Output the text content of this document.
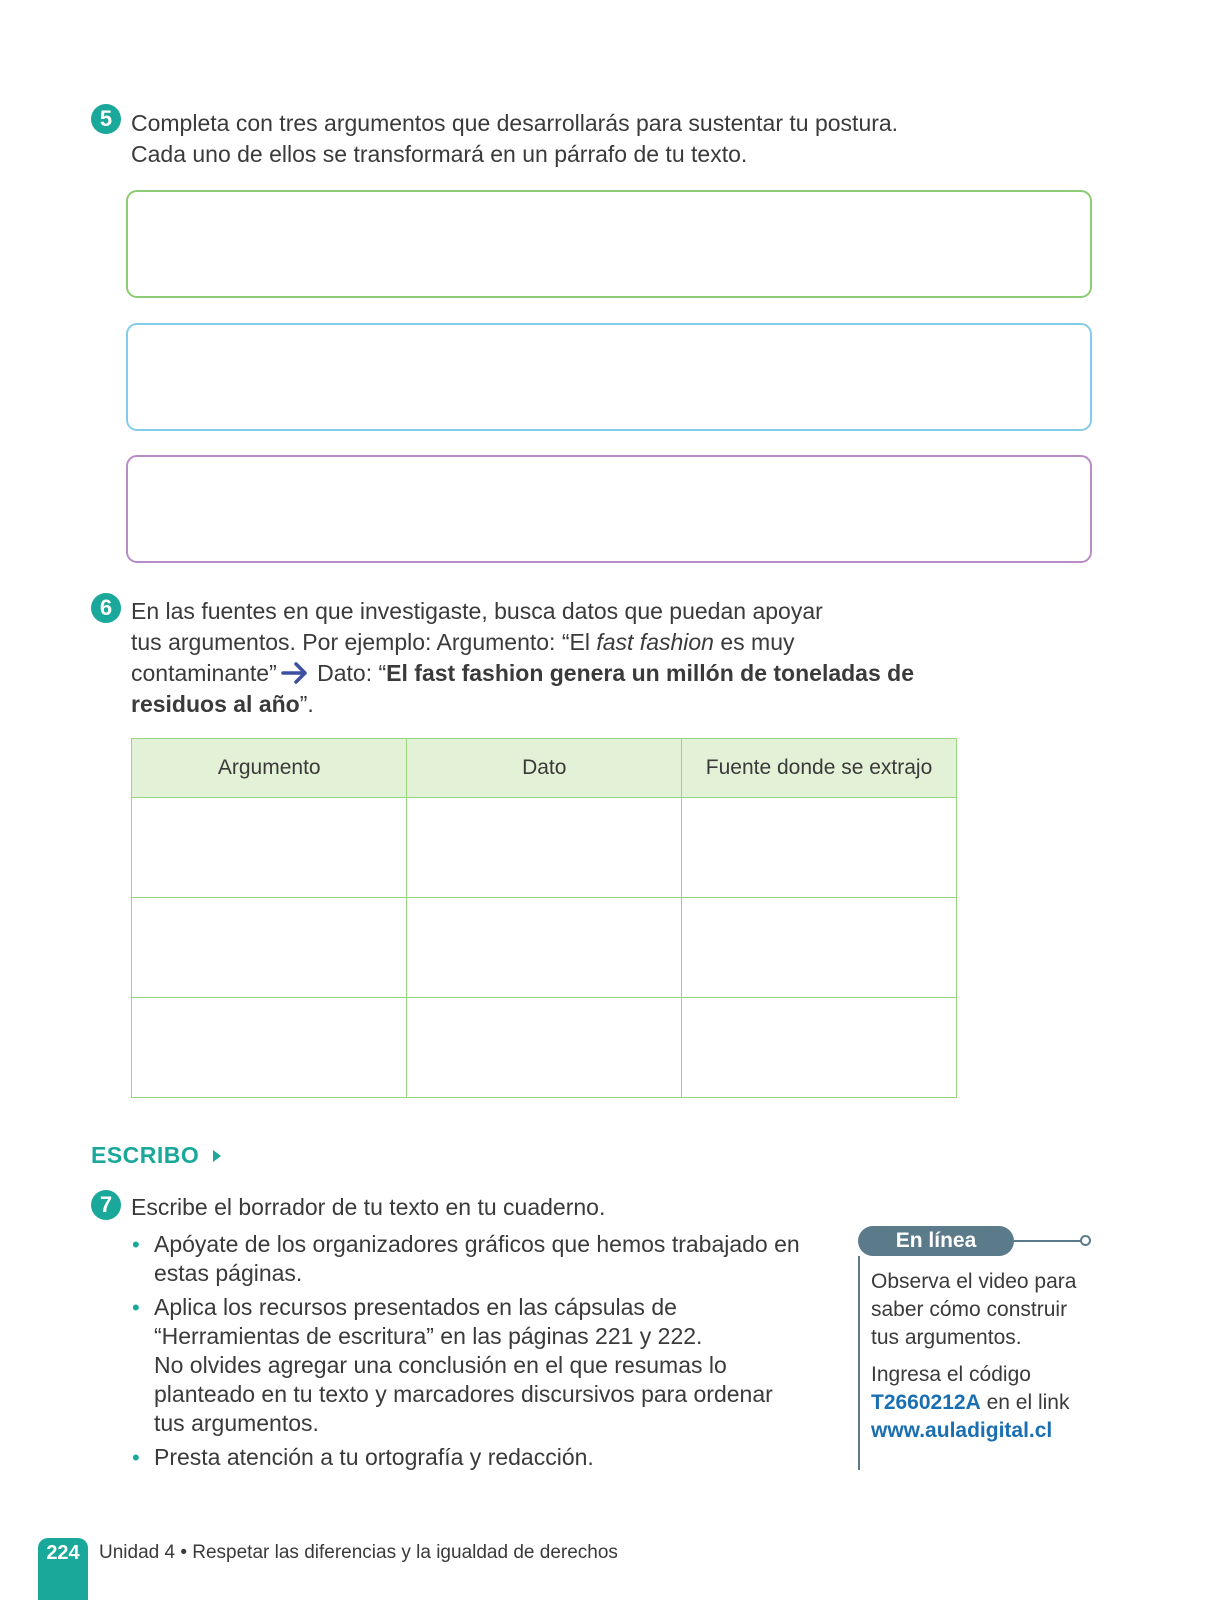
5 Completa con tres argumentos que desarrollarás para sustentar tu postura.
Cada uno de ellos se transformará en un párrafo de tu texto.

6 En las fuentes en que investigaste, busca datos que puedan apoyar
tus argumentos. Por ejemplo: Argumento: “El fast fashion es muy
contaminante” Dato: “El fast fashion genera un millón de toneladas de
residuos al año”.

Argumento	Dato	Fuente donde se extrajo

ESCRIBO
7 Escribe el borrador de tu texto en tu cuaderno.

• Apóyate de los organizadores gráficos que hemos trabajado en
estas páginas.
• Aplica los recursos presentados en las cápsulas de
“Herramientas de escritura” en las páginas 221 y 222.
No olvides agregar una conclusión en el que resumas lo
planteado en tu texto y marcadores discursivos para ordenar
tus argumentos.
• Presta atención a tu ortografía y redacción.
En línea
Observa el video para
saber cómo construir
tus argumentos.
Ingresa el código
T2660212A en el link
www.auladigital.cl
224	Unidad 4 • Respetar las diferencias y la igualdad de derechos
